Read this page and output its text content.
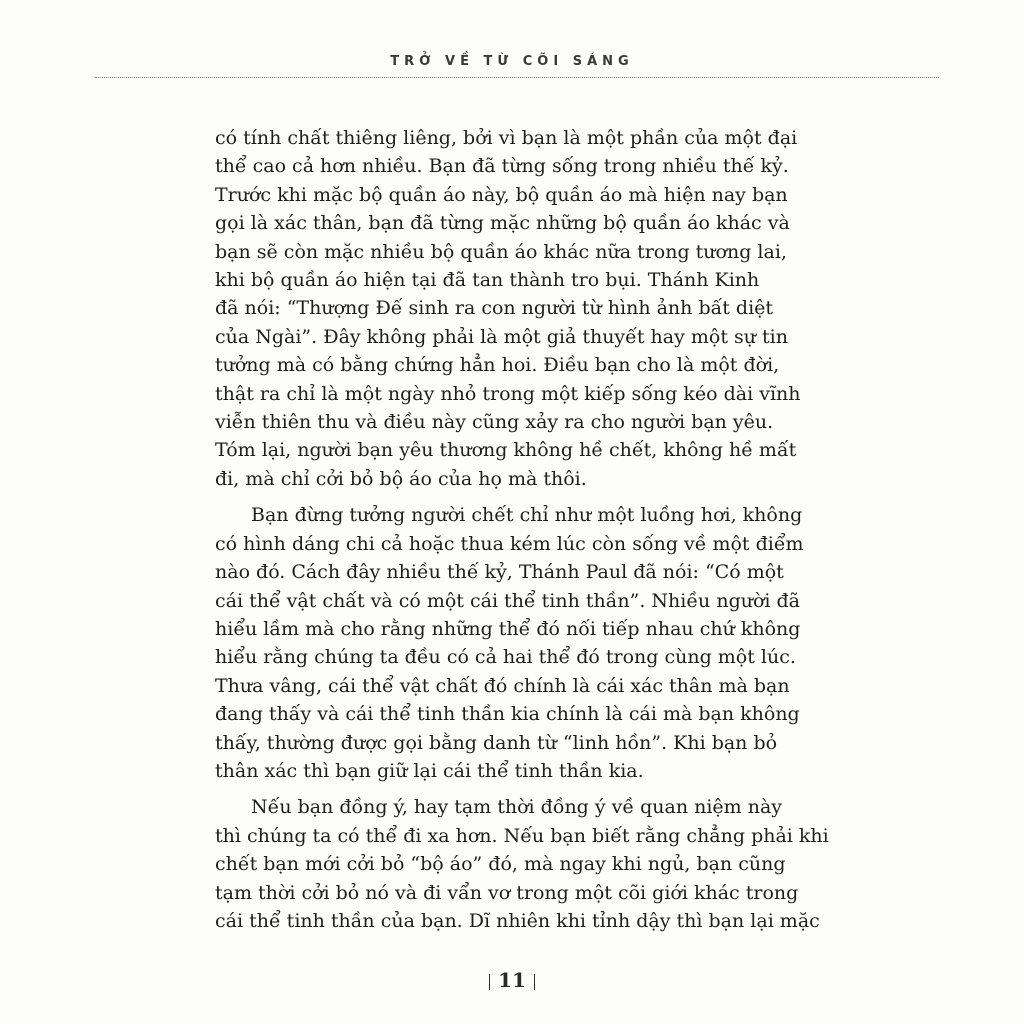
TRỞ VỀ TỪ CÕI SÁNG
có tính chất thiêng liêng, bởi vì bạn là một phần của một đại
thể cao cả hơn nhiều. Bạn đã từng sống trong nhiều thế kỷ.
Trước khi mặc bộ quần áo này, bộ quần áo mà hiện nay bạn
gọi là xác thân, bạn đã từng mặc những bộ quần áo khác và
bạn sẽ còn mặc nhiều bộ quần áo khác nữa trong tương lai,
khi bộ quần áo hiện tại đã tan thành tro bụi. Thánh Kinh
đã nói: “Thượng Đế sinh ra con người từ hình ảnh bất diệt
của Ngài”. Đây không phải là một giả thuyết hay một sự tin
tưởng mà có bằng chứng hẳn hoi. Điều bạn cho là một đời,
thật ra chỉ là một ngày nhỏ trong một kiếp sống kéo dài vĩnh
viễn thiên thu và điều này cũng xảy ra cho người bạn yêu.
Tóm lại, người bạn yêu thương không hề chết, không hề mất
đi, mà chỉ cởi bỏ bộ áo của họ mà thôi.
Bạn đừng tưởng người chết chỉ như một luồng hơi, không
có hình dáng chi cả hoặc thua kém lúc còn sống về một điểm
nào đó. Cách đây nhiều thế kỷ, Thánh Paul đã nói: “Có một
cái thể vật chất và có một cái thể tinh thần”. Nhiều người đã
hiểu lầm mà cho rằng những thể đó nối tiếp nhau chứ không
hiểu rằng chúng ta đều có cả hai thể đó trong cùng một lúc.
Thưa vâng, cái thể vật chất đó chính là cái xác thân mà bạn
đang thấy và cái thể tinh thần kia chính là cái mà bạn không
thấy, thường được gọi bằng danh từ “linh hồn”. Khi bạn bỏ
thân xác thì bạn giữ lại cái thể tinh thần kia.
Nếu bạn đồng ý, hay tạm thời đồng ý về quan niệm này
thì chúng ta có thể đi xa hơn. Nếu bạn biết rằng chẳng phải khi
chết bạn mới cởi bỏ “bộ áo” đó, mà ngay khi ngủ, bạn cũng
tạm thời cởi bỏ nó và đi vẩn vơ trong một cõi giới khác trong
cái thể tinh thần của bạn. Dĩ nhiên khi tỉnh dậy thì bạn lại mặc
11
